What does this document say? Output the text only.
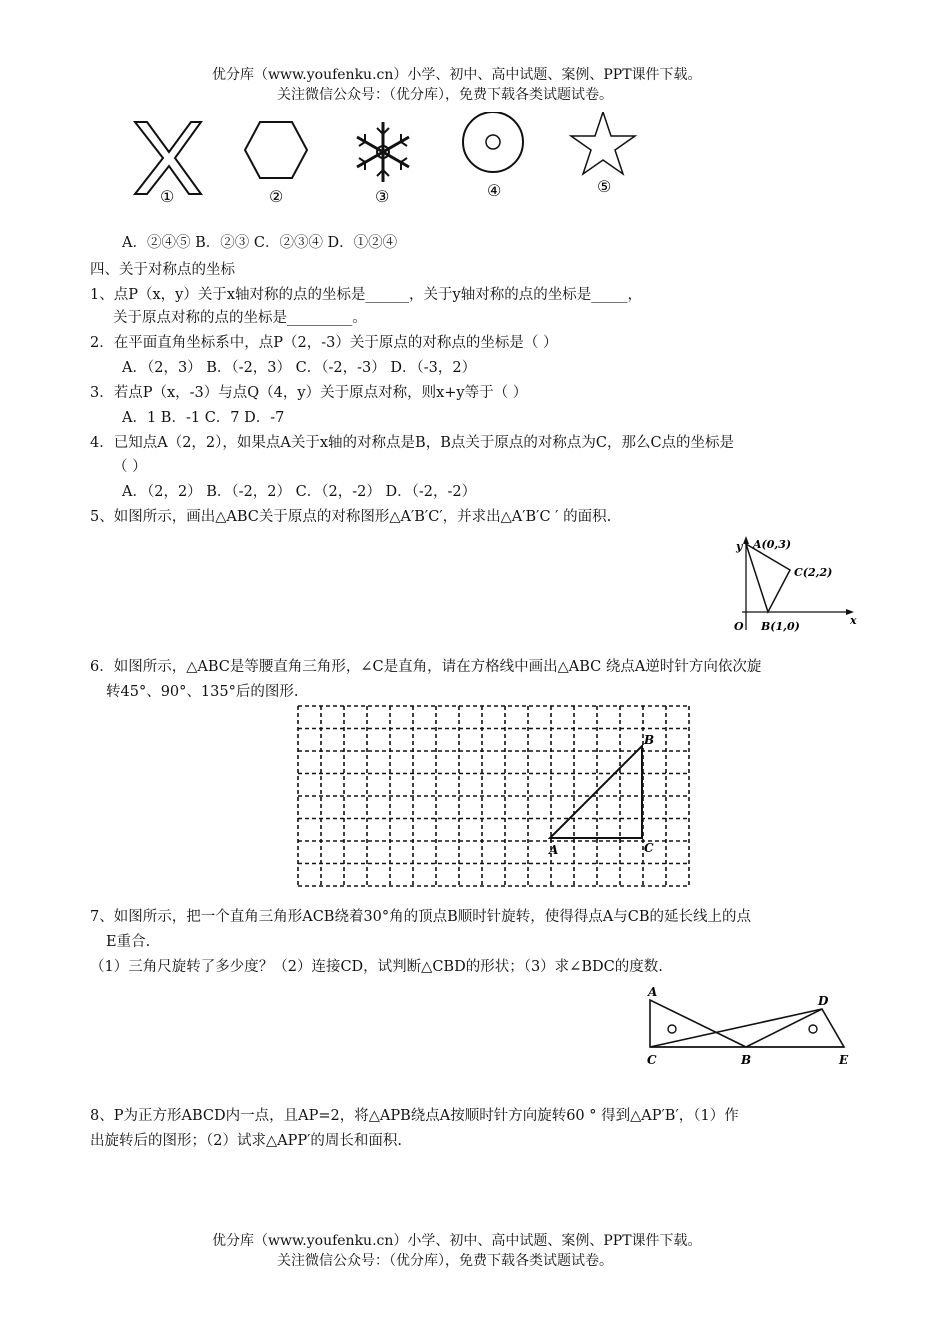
优分库（www.youfenku.cn）小学、初中、高中试题、案例、PPT课件下载。
关注微信公众号：（优分库），免费下载各类试题试卷。
①	②	③	④	⑤
A．②④⑤ B．②③ C．②③④ D．①②④
四、关于对称点的坐标
1、点P（x，y）关于x轴对称的点的坐标是______，关于y轴对称的点的坐标是_____，
关于原点对称的点的坐标是_________。
2．在平面直角坐标系中，点P（2，-3）关于原点的对称点的坐标是（ ）
A．（2，3） B．（-2，3） C．（-2，-3） D．（-3，2）
3．若点P（x，-3）与点Q（4，y）关于原点对称，则x+y等于（ ）
A．1 B．-1 C．7 D．-7
4．已知点A（2，2），如果点A关于x轴的对称点是B，B点关于原点的对称点为C，那么C点的坐标是
（ ）
A．（2，2） B．（-2，2） C．（2，-2） D．（-2，-2）
5、如图所示，画出△ABC关于原点的对称图形△A′B′C′，并求出△A′B′C ′ 的面积.
y
x
O
A(0,3)
B(1,0)
C(2,2)
6．如图所示，△ABC是等腰直角三角形，∠C是直角，请在方格线中画出△ABC 绕点A逆时针方向依次旋
转45°、90°、135°后的图形.
A
B
C
7、如图所示，把一个直角三角形ACB绕着30°角的顶点B顺时针旋转，使得得点A与CB的延长线上的点
E重合.
（1）三角尺旋转了多少度？（2）连接CD，试判断△CBD的形状；（3）求∠BDC的度数.
A
B
C
D
E
8、P为正方形ABCD内一点，且AP=2，将△APB绕点A按顺时针方向旋转60 ° 得到△AP′B′，（1）作
出旋转后的图形；（2）试求△APP′的周长和面积.
优分库（www.youfenku.cn）小学、初中、高中试题、案例、PPT课件下载。
关注微信公众号：（优分库），免费下载各类试题试卷。
